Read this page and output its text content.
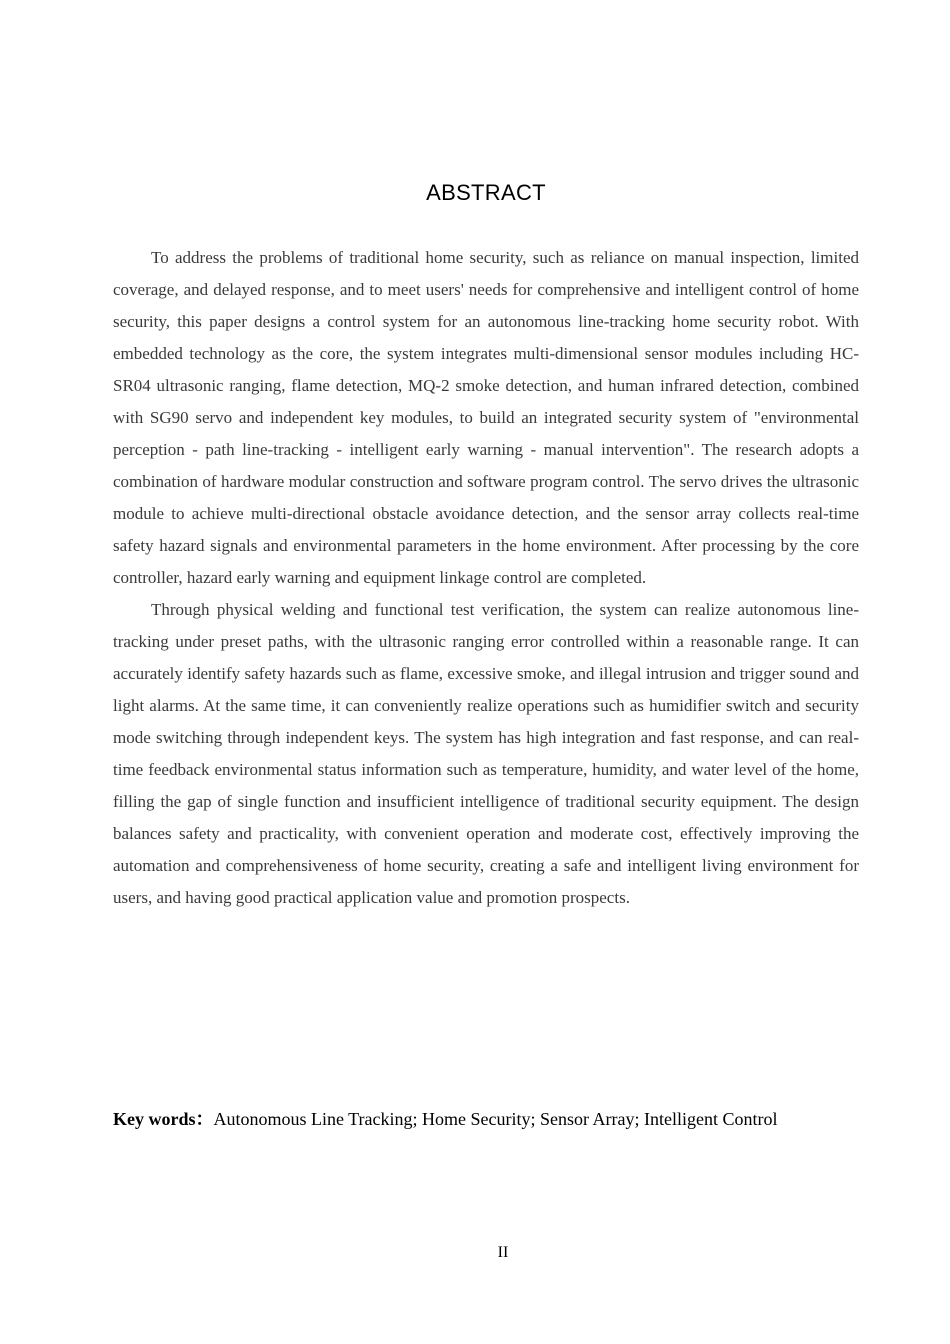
ABSTRACT

To address the problems of traditional home security, such as reliance on manual inspection, limited coverage, and delayed response, and to meet users' needs for comprehensive and intelligent control of home security, this paper designs a control system for an autonomous line-tracking home security robot. With embedded technology as the core, the system integrates multi-dimensional sensor modules including HC-SR04 ultrasonic ranging, flame detection, MQ-2 smoke detection, and human infrared detection, combined with SG90 servo and independent key modules, to build an integrated security system of "environmental perception - path line-tracking - intelligent early warning - manual intervention". The research adopts a combination of hardware modular construction and software program control. The servo drives the ultrasonic module to achieve multi-directional obstacle avoidance detection, and the sensor array collects real-time safety hazard signals and environmental parameters in the home environment. After processing by the core controller, hazard early warning and equipment linkage control are completed.

Through physical welding and functional test verification, the system can realize autonomous line-tracking under preset paths, with the ultrasonic ranging error controlled within a reasonable range. It can accurately identify safety hazards such as flame, excessive smoke, and illegal intrusion and trigger sound and light alarms. At the same time, it can conveniently realize operations such as humidifier switch and security mode switching through independent keys. The system has high integration and fast response, and can real-time feedback environmental status information such as temperature, humidity, and water level of the home, filling the gap of single function and insufficient intelligence of traditional security equipment. The design balances safety and practicality, with convenient operation and moderate cost, effectively improving the automation and comprehensiveness of home security, creating a safe and intelligent living environment for users, and having good practical application value and promotion prospects.

Key words：Autonomous Line Tracking; Home Security; Sensor Array; Intelligent Control
II
